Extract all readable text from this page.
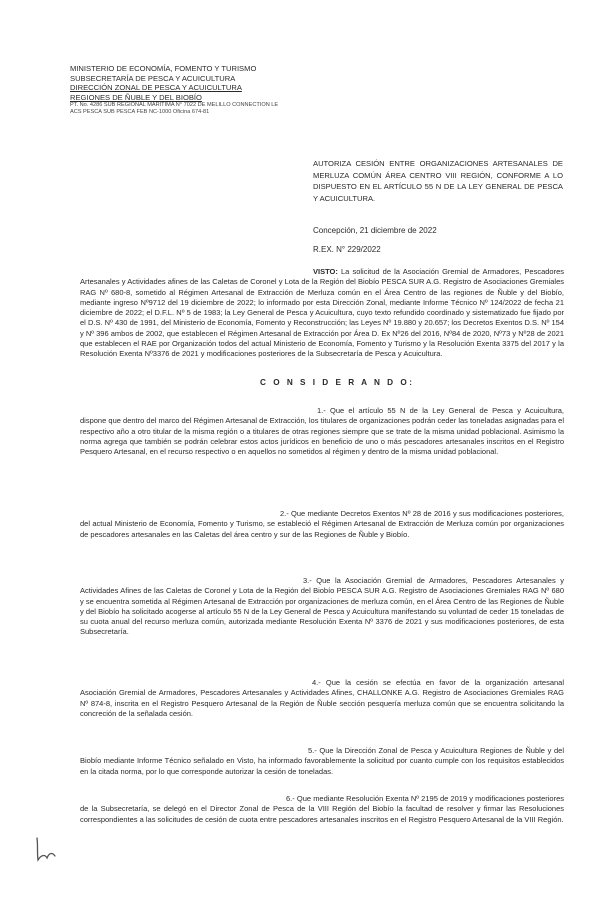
MINISTERIO DE ECONOMÍA, FOMENTO Y TURISMO
SUBSECRETARÍA DE PESCA Y ACUICULTURA
DIRECCIÓN ZONAL DE PESCA Y ACUICULTURA
REGIONES DE ÑUBLE Y DEL BIOBÍO
PT. No. 4286 SUB REGIONAL MARITIMA N° 7022 DE MELILLO CONNECTION LE
ACS PESCA SUB PESCA FEB NC-1000 Oficina 674-81
AUTORIZA CESIÓN ENTRE ORGANIZACIONES ARTESANALES DE MERLUZA COMÚN ÁREA CENTRO VIII REGIÓN, CONFORME A LO DISPUESTO EN EL ARTÍCULO 55 N DE LA LEY GENERAL DE PESCA Y ACUICULTURA.
Concepción, 21 diciembre de 2022
R.EX. N° 229/2022
VISTO: La solicitud de la Asociación Gremial de Armadores, Pescadores Artesanales y Actividades afines de las Caletas de Coronel y Lota de la Región del Biobío PESCA SUR A.G. Registro de Asociaciones Gremiales RAG Nº 680-8, sometido al Régimen Artesanal de Extracción de Merluza común en el Área Centro de las regiones de Ñuble y del Biobío, mediante ingreso Nº9712 del 19 diciembre de 2022; lo informado por esta Dirección Zonal, mediante Informe Técnico Nº 124/2022 de fecha 21 diciembre de 2022; el D.F.L. Nº 5 de 1983; la Ley General de Pesca y Acuicultura, cuyo texto refundido coordinado y sistematizado fue fijado por el D.S. Nº 430 de 1991, del Ministerio de Economía, Fomento y Reconstrucción; las Leyes Nº 19.880 y 20.657; los Decretos Exentos D.S. Nº 154 y Nº 396 ambos de 2002, que establecen el Régimen Artesanal de Extracción por Área D. Ex Nº26 del 2016, Nº84 de 2020, Nº73 y Nº28 de 2021 que establecen el RAE por Organización todos del actual Ministerio de Economía, Fomento y Turismo y la Resolución Exenta 3375 del 2017 y la Resolución Exenta Nº3376 de 2021 y modificaciones posteriores de la Subsecretaría de Pesca y Acuicultura.
C O N S I D E R A N D O:
1.- Que el artículo 55 N de la Ley General de Pesca y Acuicultura, dispone que dentro del marco del Régimen Artesanal de Extracción, los titulares de organizaciones podrán ceder las toneladas asignadas para el respectivo año a otro titular de la misma región o a titulares de otras regiones siempre que se trate de la misma unidad poblacional. Asimismo la norma agrega que también se podrán celebrar estos actos jurídicos en beneficio de uno o más pescadores artesanales inscritos en el Registro Pesquero Artesanal, en el recurso respectivo o en aquellos no sometidos al régimen y dentro de la misma unidad poblacional.
2.- Que mediante Decretos Exentos Nº 28 de 2016 y sus modificaciones posteriores, del actual Ministerio de Economía, Fomento y Turismo, se estableció el Régimen Artesanal de Extracción de Merluza común por organizaciones de pescadores artesanales en las Caletas del área centro y sur de las Regiones de Ñuble y Biobío.
3.- Que la Asociación Gremial de Armadores, Pescadores Artesanales y Actividades Afines de las Caletas de Coronel y Lota de la Región del Biobío PESCA SUR A.G. Registro de Asociaciones Gremiales RAG Nº 680 y se encuentra sometida al Régimen Artesanal de Extracción por organizaciones de merluza común, en el Área Centro de las Regiones de Ñuble y del Biobío ha solicitado acogerse al artículo 55 N de la Ley General de Pesca y Acuicultura manifestando su voluntad de ceder 15 toneladas de su cuota anual del recurso merluza común, autorizada mediante Resolución Exenta Nº 3376 de 2021 y sus modificaciones posteriores, de esta Subsecretaría.
4.- Que la cesión se efectúa en favor de la organización artesanal Asociación Gremial de Armadores, Pescadores Artesanales y Actividades Afines, CHALLONKE A.G. Registro de Asociaciones Gremiales RAG Nº 874-8, inscrita en el Registro Pesquero Artesanal de la Región de Ñuble sección pesquería merluza común que se encuentra solicitando la concreción de la señalada cesión.
5.- Que la Dirección Zonal de Pesca y Acuicultura Regiones de Ñuble y del Biobío mediante Informe Técnico señalado en Visto, ha informado favorablemente la solicitud por cuanto cumple con los requisitos establecidos en la citada norma, por lo que corresponde autorizar la cesión de toneladas.
6.- Que mediante Resolución Exenta Nº 2195 de 2019 y modificaciones posteriores de la Subsecretaría, se delegó en el Director Zonal de Pesca de la VIII Región del Biobío la facultad de resolver y firmar las Resoluciones correspondientes a las solicitudes de cesión de cuota entre pescadores artesanales inscritos en el Registro Pesquero Artesanal de la VIII Región.
